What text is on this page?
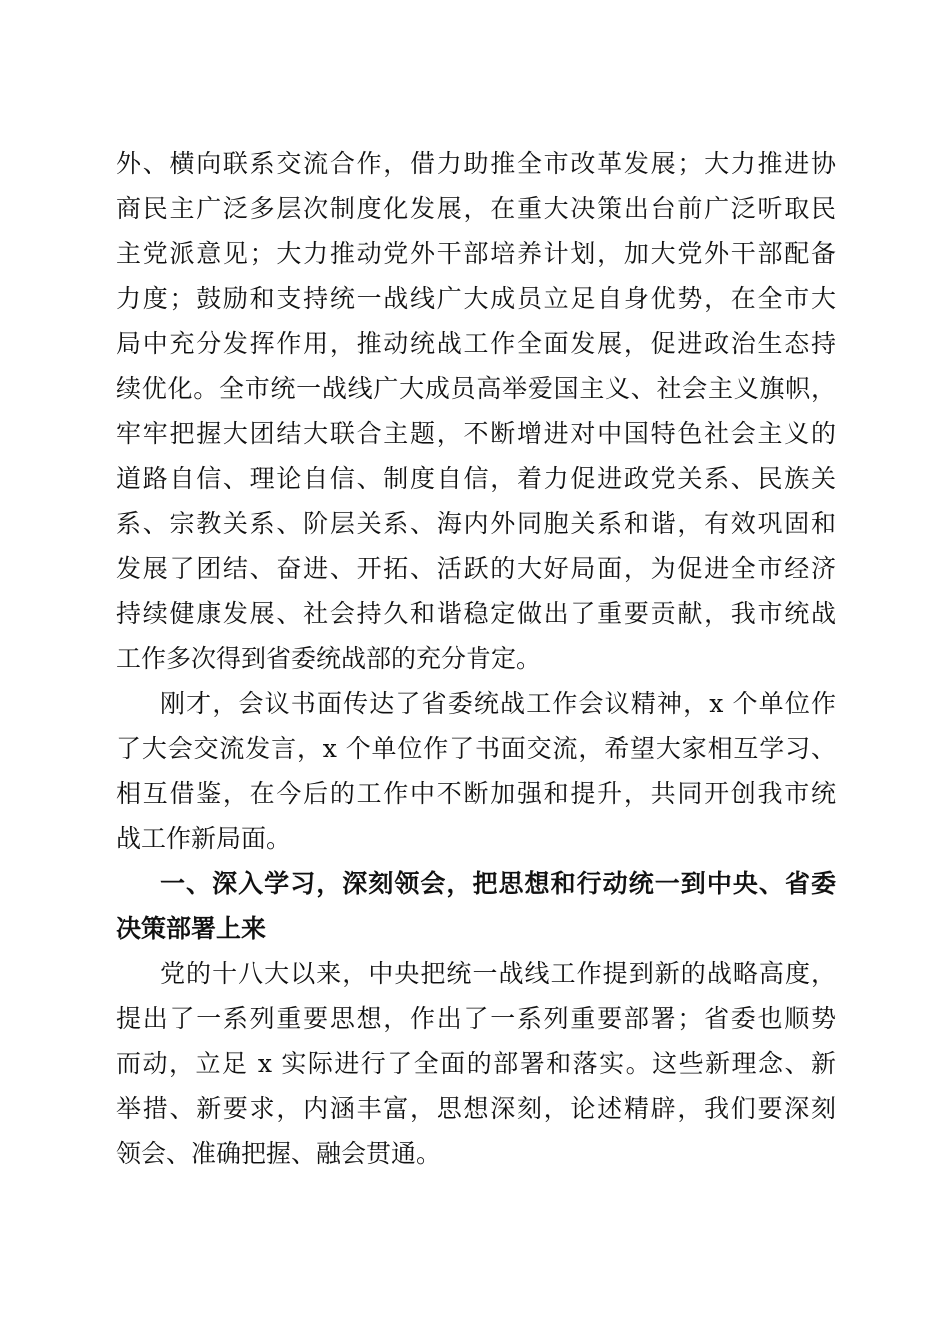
外、横向联系交流合作，借力助推全市改革发展；大力推进协
商民主广泛多层次制度化发展，在重大决策出台前广泛听取民
主党派意见；大力推动党外干部培养计划，加大党外干部配备
力度；鼓励和支持统一战线广大成员立足自身优势，在全市大
局中充分发挥作用，推动统战工作全面发展，促进政治生态持
续优化。全市统一战线广大成员高举爱国主义、社会主义旗帜，
牢牢把握大团结大联合主题，不断增进对中国特色社会主义的
道路自信、理论自信、制度自信，着力促进政党关系、民族关
系、宗教关系、阶层关系、海内外同胞关系和谐，有效巩固和
发展了团结、奋进、开拓、活跃的大好局面，为促进全市经济
持续健康发展、社会持久和谐稳定做出了重要贡献，我市统战
工作多次得到省委统战部的充分肯定。
刚才，会议书面传达了省委统战工作会议精神，x 个单位作
了大会交流发言，x 个单位作了书面交流，希望大家相互学习、
相互借鉴，在今后的工作中不断加强和提升，共同开创我市统
战工作新局面。
一、深入学习，深刻领会，把思想和行动统一到中央、省委
决策部署上来
党的十八大以来，中央把统一战线工作提到新的战略高度，
提出了一系列重要思想，作出了一系列重要部署；省委也顺势
而动，立足 x 实际进行了全面的部署和落实。这些新理念、新
举措、新要求，内涵丰富，思想深刻，论述精辟，我们要深刻
领会、准确把握、融会贯通。
